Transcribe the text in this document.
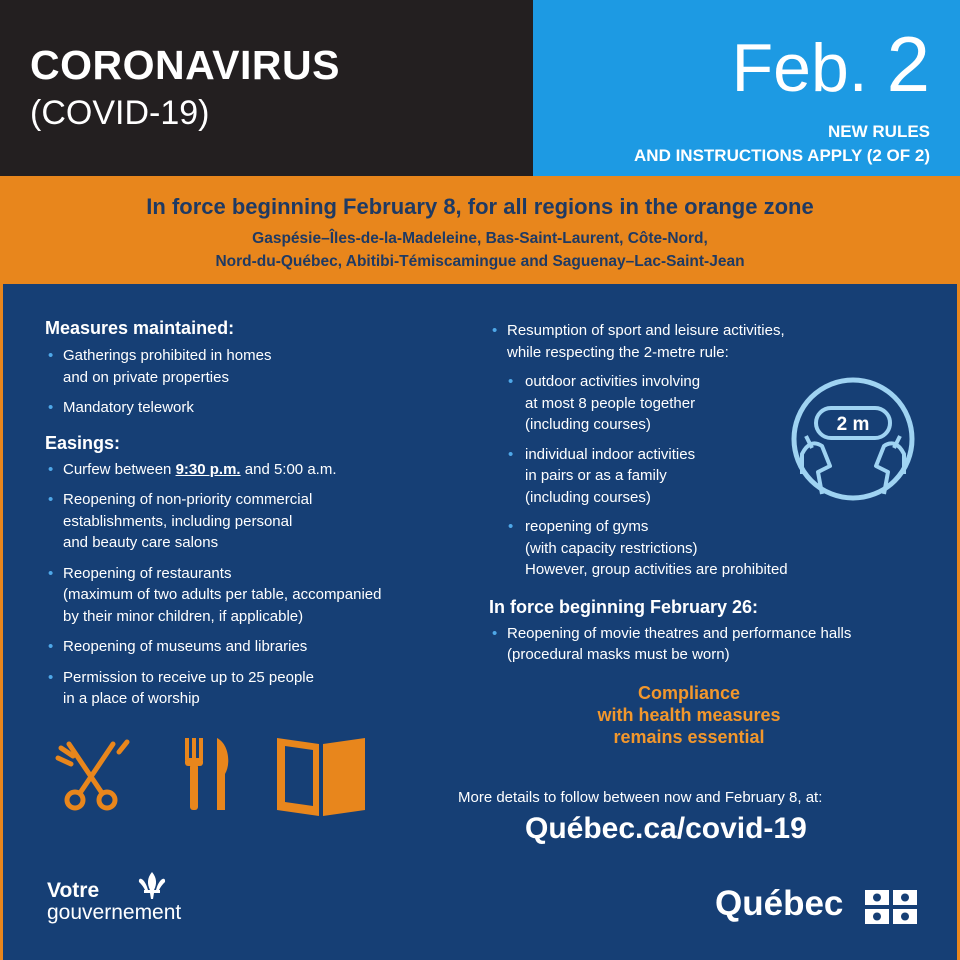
CORONAVIRUS
(COVID-19)
Feb. 2
NEW RULES
AND INSTRUCTIONS APPLY (2 OF 2)
In force beginning February 8, for all regions in the orange zone
Gaspésie–Îles-de-la-Madeleine, Bas-Saint-Laurent, Côte-Nord,
Nord-du-Québec, Abitibi-Témiscamingue and Saguenay–Lac-Saint-Jean
Measures maintained:
• Gatherings prohibited in homes
and on private properties
• Mandatory telework
Easings:
• Curfew between 9:30 p.m. and 5:00 a.m.
• Reopening of non-priority commercial
establishments, including personal
and beauty care salons
• Reopening of restaurants
(maximum of two adults per table, accompanied
by their minor children, if applicable)
• Reopening of museums and libraries
• Permission to receive up to 25 people
in a place of worship
• Resumption of sport and leisure activities,
while respecting the 2-metre rule:
• outdoor activities involving
at most 8 people together
(including courses)
• individual indoor activities
in pairs or as a family
(including courses)
• reopening of gyms
(with capacity restrictions)
However, group activities are prohibited
In force beginning February 26:
• Reopening of movie theatres and performance halls
(procedural masks must be worn)
Compliance
with health measures
remains essential
2 m
More details to follow between now and February 8, at:
Québec.ca/covid-19
Votre
gouvernement	Québec
